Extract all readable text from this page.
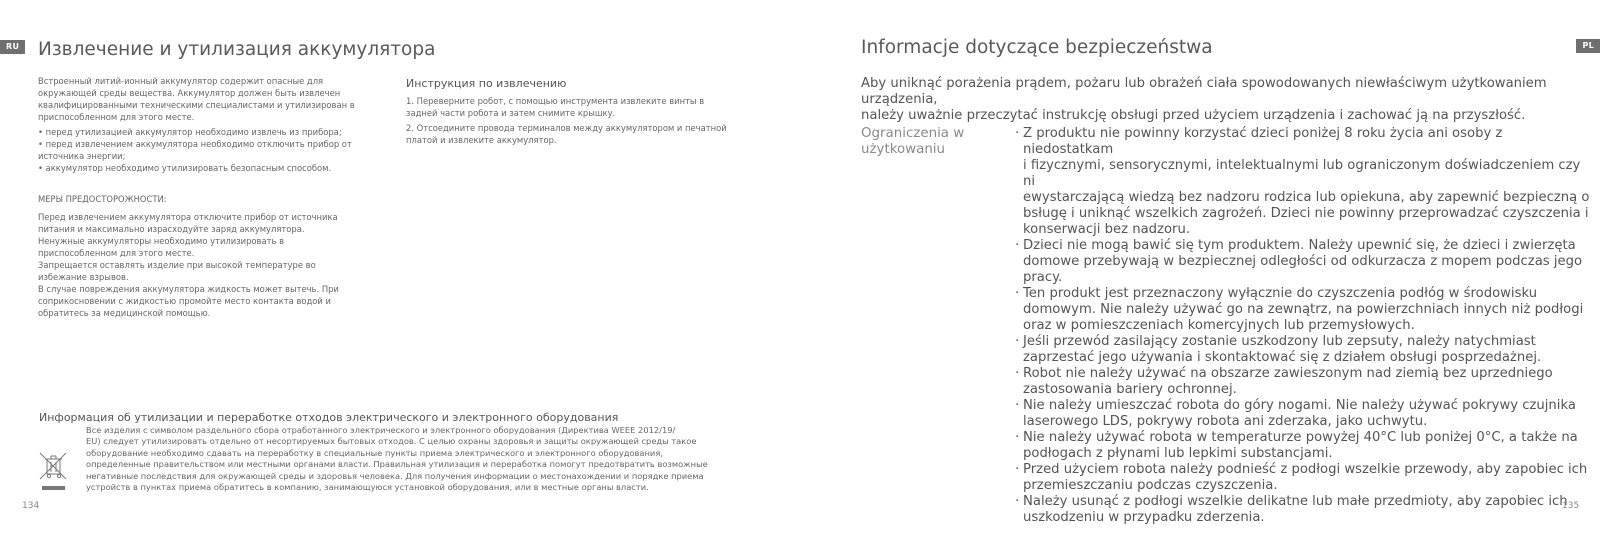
RU	Извлечение и утилизация аккумулятора

Встроенный литий-ионный аккумулятор содержит опасные для

окружающей среды вещества. Аккумулятор должен быть извлечен

квалифицированными техническими специалистами и утилизирован в

приспособленном для этого месте.

• перед утилизацией аккумулятор необходимо извлечь из прибора;

• перед извлечением аккумулятора необходимо отключить прибор от

источника энергии;

• аккумулятор необходимо утилизировать безопасным способом.

МЕРЫ ПРЕДОСТОРОЖНОСТИ:

Перед извлечением аккумулятора отключите прибор от источника

питания и максимально израсходуйте заряд аккумулятора.

Ненужные аккумуляторы необходимо утилизировать в

приспособленном для этого месте.

Запрещается оставлять изделие при высокой температуре во

избежание взрывов.

В случае повреждения аккумулятора жидкость может вытечь. При

соприкосновении с жидкостью промойте место контакта водой и

обратитесь за медицинской помощью.

Инструкция по извлечению

1. Переверните робот, с помощью инструмента извлеките винты в

задней части робота и затем снимите крышку.

2. Отсоедините провода терминалов между аккумулятором и печатной

платой и извлеките аккумулятор.

Информация об утилизации и переработке отходов электрического и электронного оборудования

Все изделия с символом раздельного сбора отработанного электрического и электронного оборудования (Директива WEEE 2012/19/

EU) следует утилизировать отдельно от несортируемых бытовых отходов. С целью охраны здоровья и защиты окружающей среды такое

оборудование необходимо сдавать на переработку в специальные пункты приема электрического и электронного оборудования,

определенные правительством или местными органами власти. Правильная утилизация и переработка помогут предотвратить возможные

негативные последствия для окружающей среды и здоровья человека. Для получения информации о местонахождении и порядке приема

устройств в пунктах приема обратитесь в компанию, занимающуюся установкой оборудования, или в местные органы власти.

134
PL
Informacje dotyczące bezpieczeństwa

Aby uniknąć porażenia prądem, pożaru lub obrażeń ciała spowodowanych niewłaściwym użytkowaniem urządzenia,

należy uważnie przeczytać instrukcję obsługi przed użyciem urządzenia i zachować ją na przyszłość.

Ograniczenia w
użytkowaniu
· Z produktu nie powinny korzystać dzieci poniżej 8 roku życia ani osoby z niedostatkam
i fizycznymi, sensorycznymi, intelektualnymi lub ograniczonym doświadczeniem czy ni
ewystarczającą wiedzą bez nadzoru rodzica lub opiekuna, aby zapewnić bezpieczną o
bsługę i uniknąć wszelkich zagrożeń. Dzieci nie powinny przeprowadzać czyszczenia i
konserwacji bez nadzoru.
· Dzieci nie mogą bawić się tym produktem. Należy upewnić się, że dzieci i zwierzęta
domowe przebywają w bezpiecznej odległości od odkurzacza z mopem podczas jego
pracy.
· Ten produkt jest przeznaczony wyłącznie do czyszczenia podłóg w środowisku
domowym. Nie należy używać go na zewnątrz, na powierzchniach innych niż podłogi
oraz w pomieszczeniach komercyjnych lub przemysłowych.
· Jeśli przewód zasilający zostanie uszkodzony lub zepsuty, należy natychmiast
zaprzestać jego używania i skontaktować się z działem obsługi posprzedażnej.
· Robot nie należy używać na obszarze zawieszonym nad ziemią bez uprzedniego
zastosowania bariery ochronnej.
· Nie należy umieszczać robota do góry nogami. Nie należy używać pokrywy czujnika
laserowego LDS, pokrywy robota ani zderzaka, jako uchwytu.
· Nie należy używać robota w temperaturze powyżej 40°C lub poniżej 0°C, a także na
podłogach z płynami lub lepkimi substancjami.
· Przed użyciem robota należy podnieść z podłogi wszelkie przewody, aby zapobiec ich
przemieszczaniu podczas czyszczenia.
· Należy usunąć z podłogi wszelkie delikatne lub małe przedmioty, aby zapobiec ich
uszkodzeniu w przypadku zderzenia.
135
